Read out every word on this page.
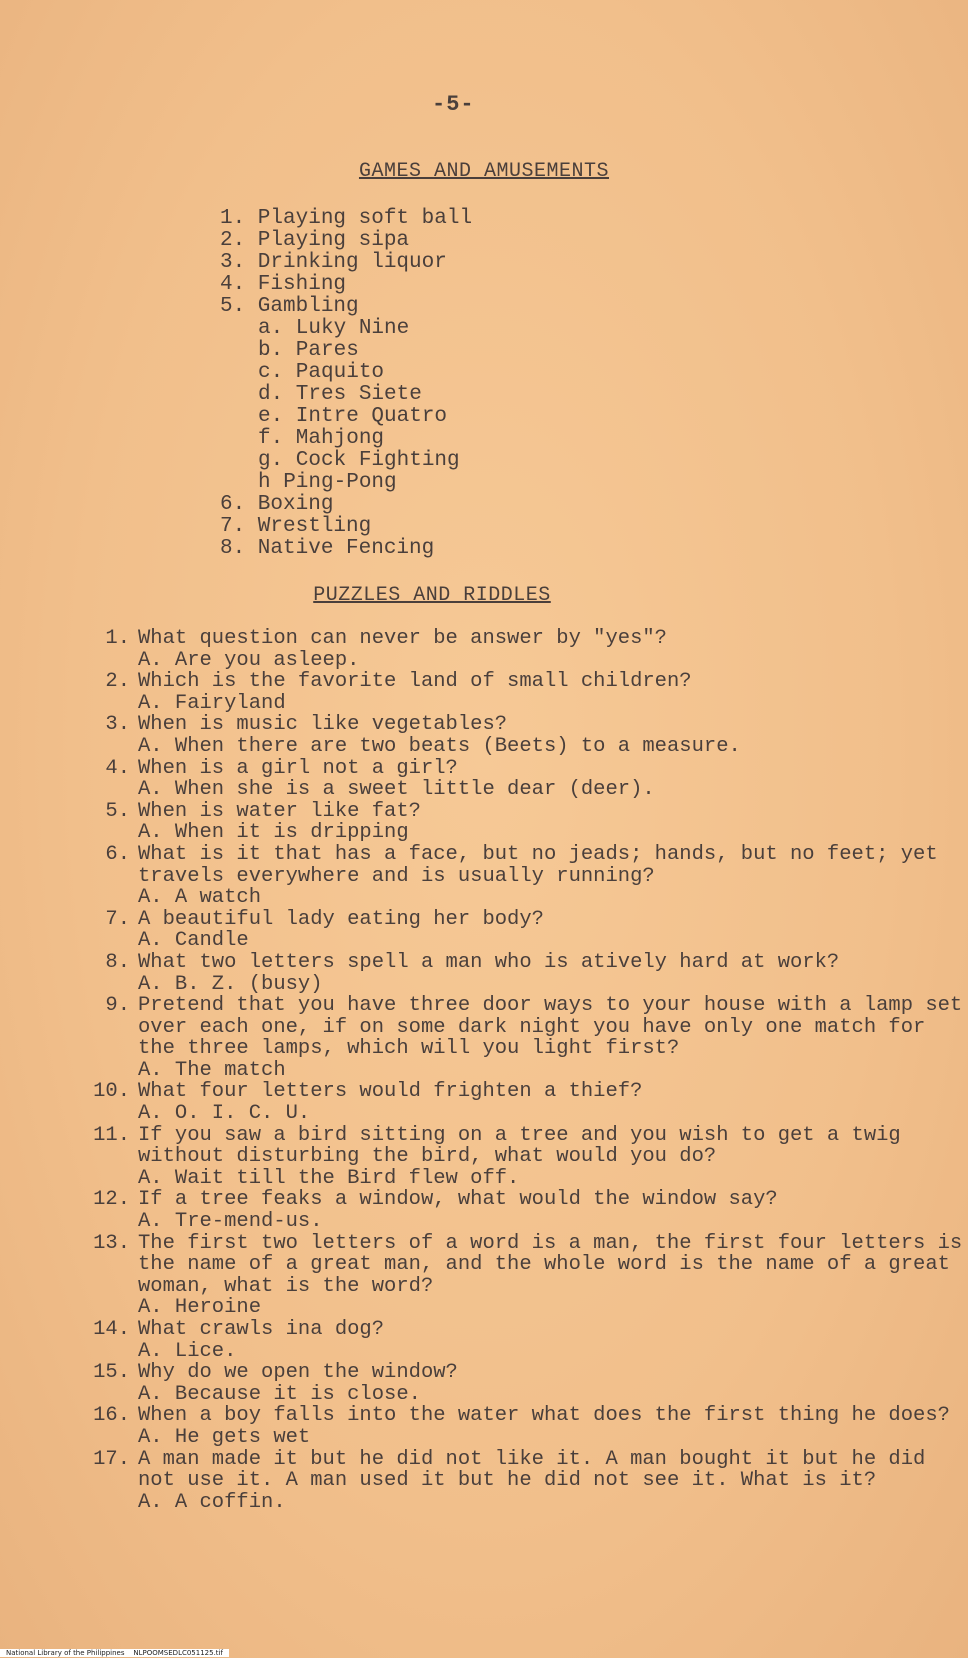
-5-
GAMES AND AMUSEMENTS
1. Playing soft ball
2. Playing sipa
3. Drinking liquor
4. Fishing
5. Gambling
a. Luky Nine
b. Pares
c. Paquito
d. Tres Siete
e. Intre Quatro
f. Mahjong
g. Cock Fighting
h Ping-Pong
6. Boxing
7. Wrestling
8. Native Fencing
PUZZLES AND RIDDLES
1. What question can never be answer by "yes"?
A. Are you asleep.
2. Which is the favorite land of small children?
A. Fairyland
3. When is music like vegetables?
A. When there are two beats (Beets) to a measure.
4. When is a girl not a girl?
A. When she is a sweet little dear (deer).
5. When is water like fat?
A. When it is dripping
6. What is it that has a face, but no jeads; hands, but no feet; yet travels everywhere and is usually running?
A. A watch
7. A beautiful lady eating her body?
A. Candle
8. What two letters spell a man who is atively hard at work?
A. B. Z. (busy)
9. Pretend that you have three door ways to your house with a lamp set over each one, if on some dark night you have only one match for the three lamps, which will you light first?
A. The match
10. What four letters would frighten a thief?
A. O. I. C. U.
11. If you saw a bird sitting on a tree and you wish to get a twig without disturbing the bird, what would you do?
A. Wait till the Bird flew off.
12. If a tree feaks a window, what would the window say?
A. Tre-mend-us.
13. The first two letters of a word is a man, the first four letters is the name of a great man, and the whole word is the name of a great woman, what is the word?
A. Heroine
14. What crawls ina dog?
A. Lice.
15. Why do we open the window?
A. Because it is close.
16. When a boy falls into the water what does the first thing he does?
A. He gets wet
17. A man made it but he did not like it. A man bought it but he did not use it. A man used it but he did not see it. What is it?
A. A coffin.
National Library of the Philippines    NLPOOMSEDLC051125.tif
